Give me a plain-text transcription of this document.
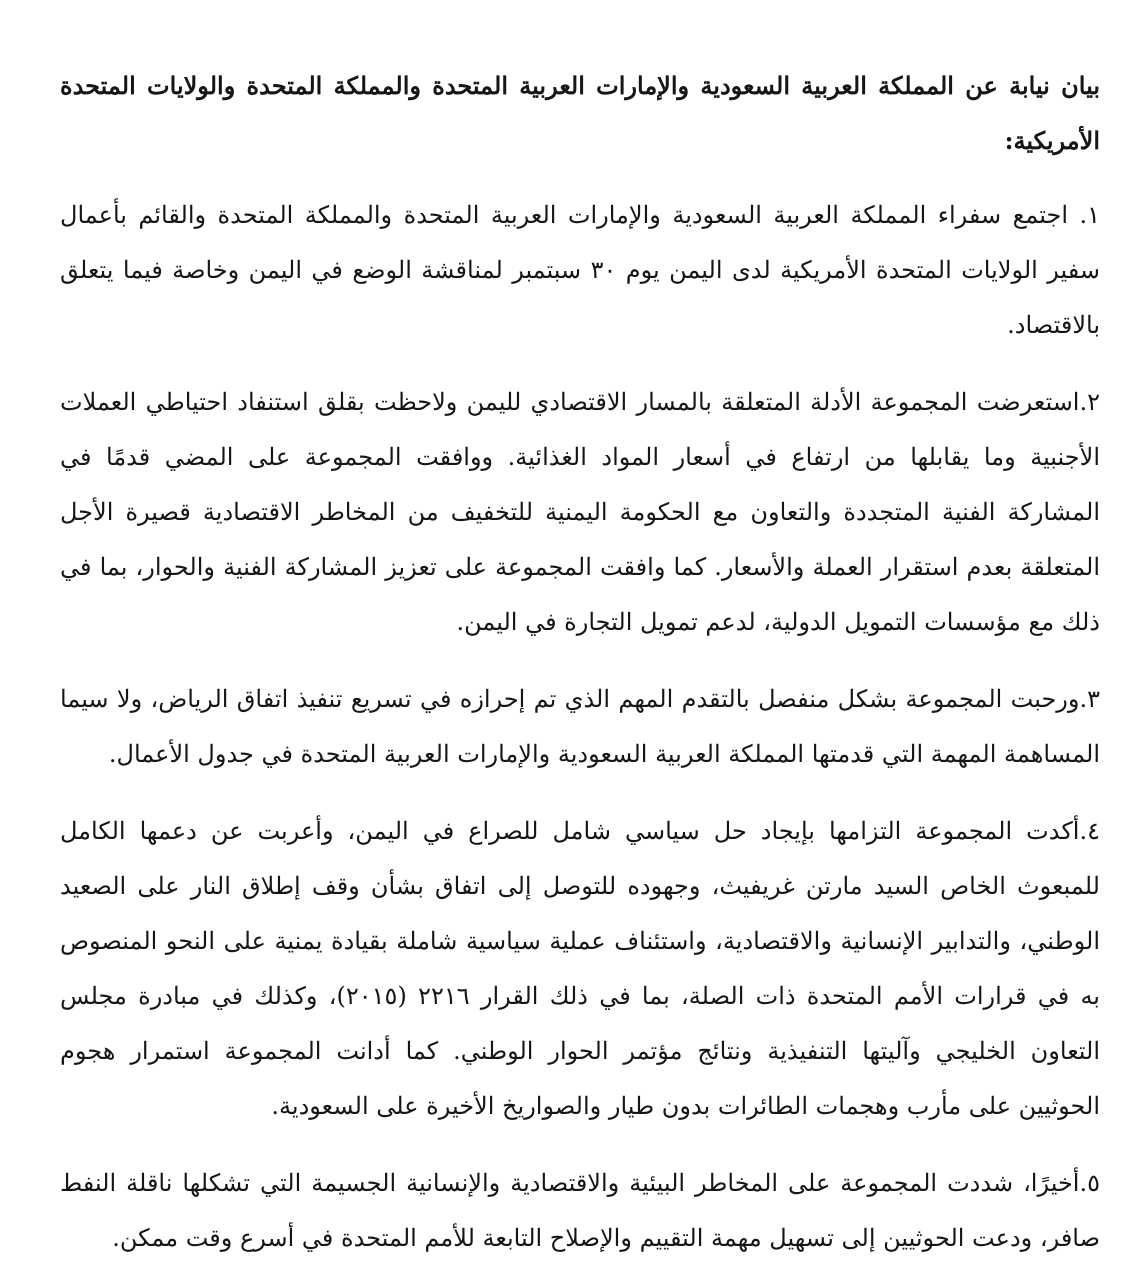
بيان نيابة عن المملكة العربية السعودية والإمارات العربية المتحدة والمملكة المتحدة والولايات المتحدة الأمريكية:

١. اجتمع سفراء المملكة العربية السعودية والإمارات العربية المتحدة والمملكة المتحدة والقائم بأعمال سفير الولايات المتحدة الأمريكية لدى اليمن يوم ٣٠ سبتمبر لمناقشة الوضع في اليمن وخاصة فيما يتعلق بالاقتصاد.

٢.استعرضت المجموعة الأدلة المتعلقة بالمسار الاقتصادي لليمن ولاحظت بقلق استنفاد احتياطي العملات الأجنبية وما يقابلها من ارتفاع في أسعار المواد الغذائية. ووافقت المجموعة على المضي قدمًا في المشاركة الفنية المتجددة والتعاون مع الحكومة اليمنية للتخفيف من المخاطر الاقتصادية قصيرة الأجل المتعلقة بعدم استقرار العملة والأسعار. كما وافقت المجموعة على تعزيز المشاركة الفنية والحوار، بما في ذلك مع مؤسسات التمويل الدولية، لدعم تمويل التجارة في اليمن.

٣.ورحبت المجموعة بشكل منفصل بالتقدم المهم الذي تم إحرازه في تسريع تنفيذ اتفاق الرياض، ولا سيما المساهمة المهمة التي قدمتها المملكة العربية السعودية والإمارات العربية المتحدة في جدول الأعمال.

٤.أكدت المجموعة التزامها بإيجاد حل سياسي شامل للصراع في اليمن، وأعربت عن دعمها الكامل للمبعوث الخاص السيد مارتن غريفيث، وجهوده للتوصل إلى اتفاق بشأن وقف إطلاق النار على الصعيد الوطني، والتدابير الإنسانية والاقتصادية، واستئناف عملية سياسية شاملة بقيادة يمنية على النحو المنصوص به في قرارات الأمم المتحدة ذات الصلة، بما في ذلك القرار ٢٢١٦ (٢٠١٥)، وكذلك في مبادرة مجلس التعاون الخليجي وآليتها التنفيذية ونتائج مؤتمر الحوار الوطني. كما أدانت المجموعة استمرار هجوم الحوثيين على مأرب وهجمات الطائرات بدون طيار والصواريخ الأخيرة على السعودية.

٥.أخيرًا، شددت المجموعة على المخاطر البيئية والاقتصادية والإنسانية الجسيمة التي تشكلها ناقلة النفط صافر، ودعت الحوثيين إلى تسهيل مهمة التقييم والإصلاح التابعة للأمم المتحدة في أسرع وقت ممكن.
